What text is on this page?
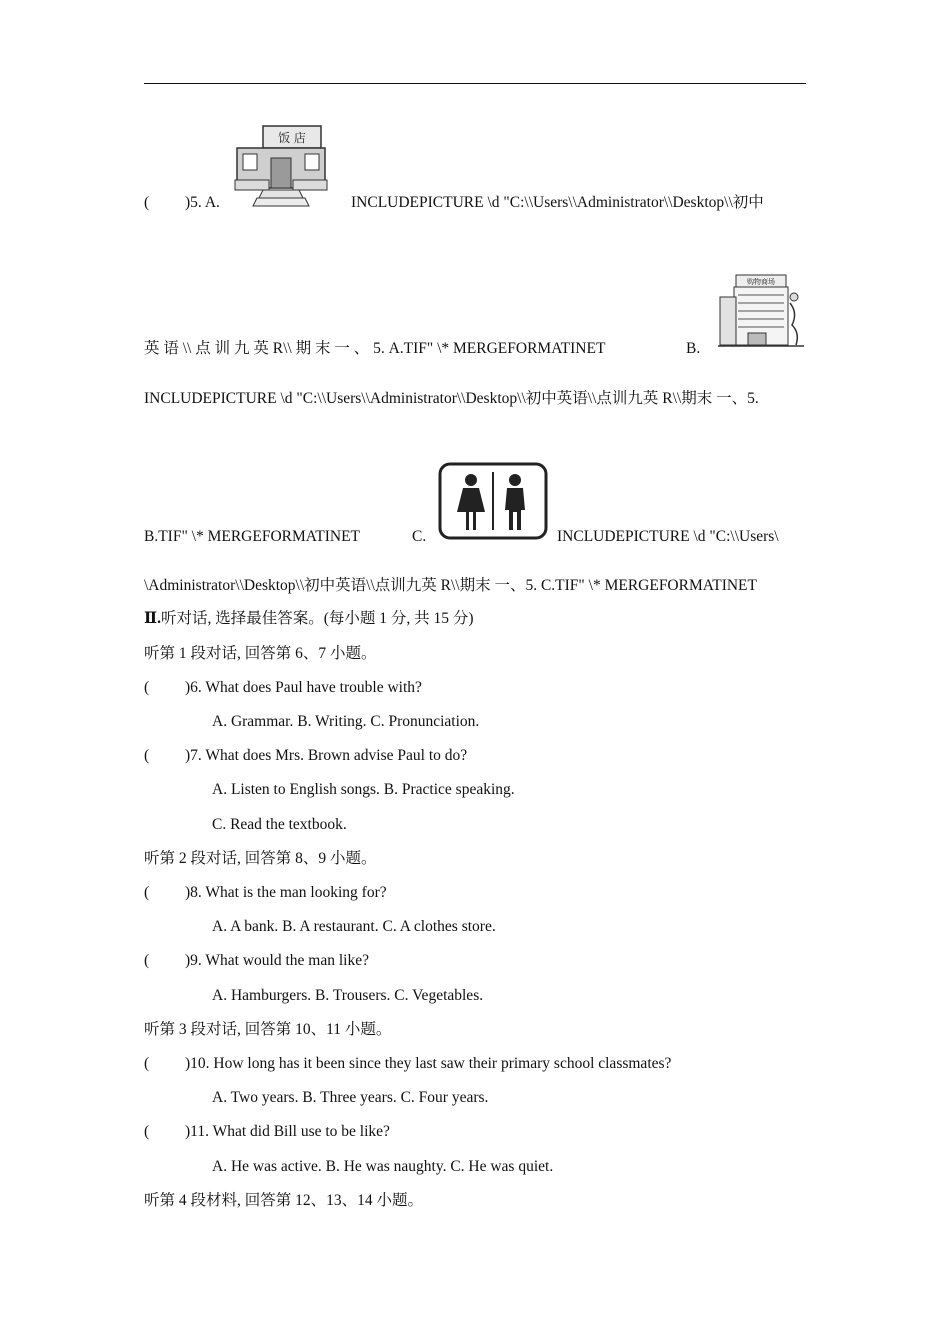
( )5. A.
饭 店
INCLUDEPICTURE \d "C:\\Users\\Administrator\\Desktop\\初中
英 语 \\ 点 训 九 英 R\\ 期 末 一 、 5. A.TIF" \* MERGEFORMATINET	B.
购物商场
INCLUDEPICTURE \d "C:\\Users\\Administrator\\Desktop\\初中英语\\点训九英 R\\期末 一、5.
B.TIF" \* MERGEFORMATINET	C.	INCLUDEPICTURE \d "C:\\Users\
\Administrator\\Desktop\\初中英语\\点训九英 R\\期末 一、5. C.TIF" \* MERGEFORMATINET
Ⅱ.听对话, 选择最佳答案。(每小题 1 分, 共 15 分)
听第 1 段对话, 回答第 6、7 小题。
( )6. What does Paul have trouble with?
A. Grammar. B. Writing. C. Pronunciation.
( )7. What does Mrs. Brown advise Paul to do?
A. Listen to English songs. B. Practice speaking.
C. Read the textbook.
听第 2 段对话, 回答第 8、9 小题。
( )8. What is the man looking for?
A. A bank. B. A restaurant. C. A clothes store.
( )9. What would the man like?
A. Hamburgers. B. Trousers. C. Vegetables.
听第 3 段对话, 回答第 10、11 小题。
( )10. How long has it been since they last saw their primary school classmates?
A. Two years. B. Three years. C. Four years.
( )11. What did Bill use to be like?
A. He was active. B. He was naughty. C. He was quiet.
听第 4 段材料, 回答第 12、13、14 小题。
